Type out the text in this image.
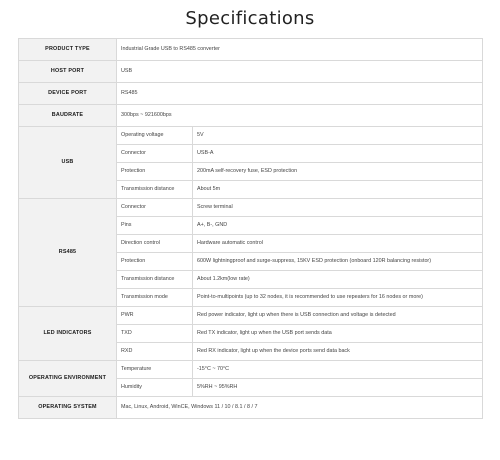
Specifications
PRODUCT TYPE	Industrial Grade USB to RS485 converter	
HOST PORT	USB	
DEVICE PORT	RS485	
BAUDRATE	300bps ~ 921600bps	
USB	Operating voltage	5V
	Connector	USB-A
	Protection	200mA self-recovery fuse, ESD protection
	Transmission distance	About 5m
RS485	Connector	Screw terminal
	Pins	A+, B-, GND
	Direction control	Hardware automatic control
	Protection	600W lightningproof and surge-suppress, 15KV ESD protection (onboard 120R balancing resistor)
	Transmission distance	About 1.2km(low rate)
	Transmission mode	Point-to-multipoints (up to 32 nodes, it is recommended to use repeaters for 16 nodes or more)
LED INDICATORS	PWR	Red power indicator, light up when there is USB connection and voltage is detected
	TXD	Red TX indicator, light up when the USB port sends data
	RXD	Red RX indicator, light up when the device ports send data back
OPERATING ENVIRONMENT	Temperature	-15°C ~ 70°C
	Humidity	5%RH ~ 95%RH
OPERATING SYSTEM	Mac, Linux, Android, WinCE, Windows 11 / 10 / 8.1 / 8 / 7	
